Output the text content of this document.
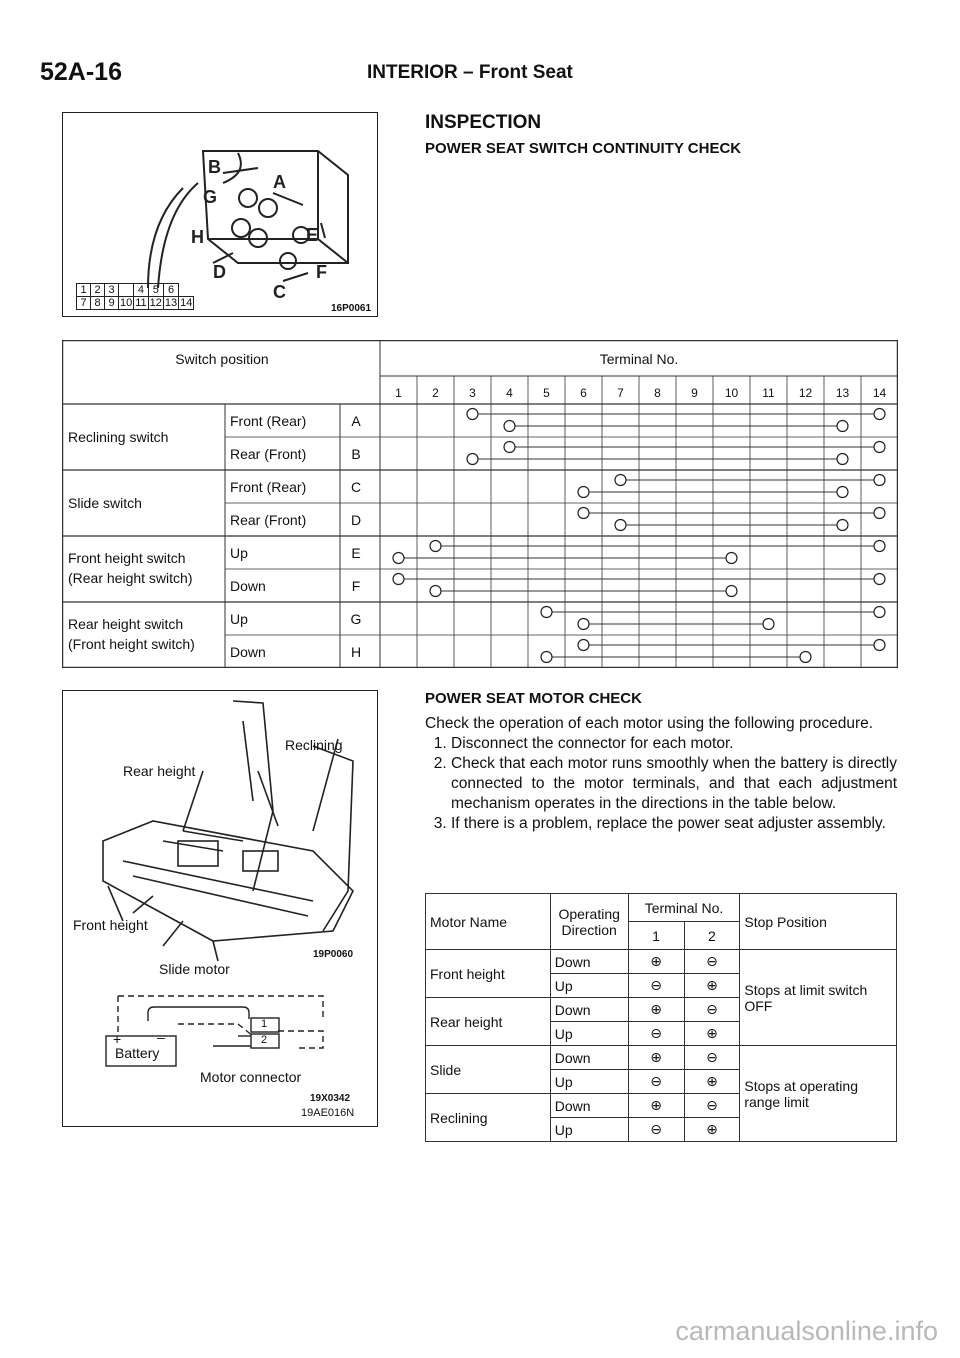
52A-16	INTERIOR – Front Seat
B
A
G
H	E
D	F
C
1	2	3		4	5	6	
7	8	9	10	11	12	13	14	16P0061
INSPECTION
POWER SEAT SWITCH CONTINUITY CHECK
Switch position	Terminal No.
1	2	3	4	5	6	7	8	9 10 11 12 13 14
Reclining switch
Front (Rear)	A
Rear (Front)	B
Slide switch
Front (Rear)	C
Rear (Front)	D
Front height switch
(Rear height switch)
Up	E
Down	F
Rear height switch
(Front height switch)
Up	G
Down	H
Reclining
Rear height
Front height
Slide motor
19P0060
+	–
Battery
1
2
Motor connector
19X0342
19AE016N
POWER SEAT MOTOR CHECK
Check the operation of each motor using the following procedure.
1. Disconnect the connector for each motor.
2. Check that each motor runs smoothly when the battery is directly connected to the motor terminals, and that each adjustment mechanism operates in the directions in the table below.
3. If there is a problem, replace the power seat adjuster assembly.
Motor Name	Operating Direction	Terminal No.		Stop Position
		1	2	
Front height	Down	⊕	⊖	Stops at limit switch OFF
	Up	⊖	⊕	
Rear height	Down	⊕	⊖	
	Up	⊖	⊕	
Slide	Down	⊕	⊖	Stops at operating range limit
	Up	⊖	⊕	
Reclining	Down	⊕	⊖	
	Up	⊖	⊕	
carmanualsonline.info
